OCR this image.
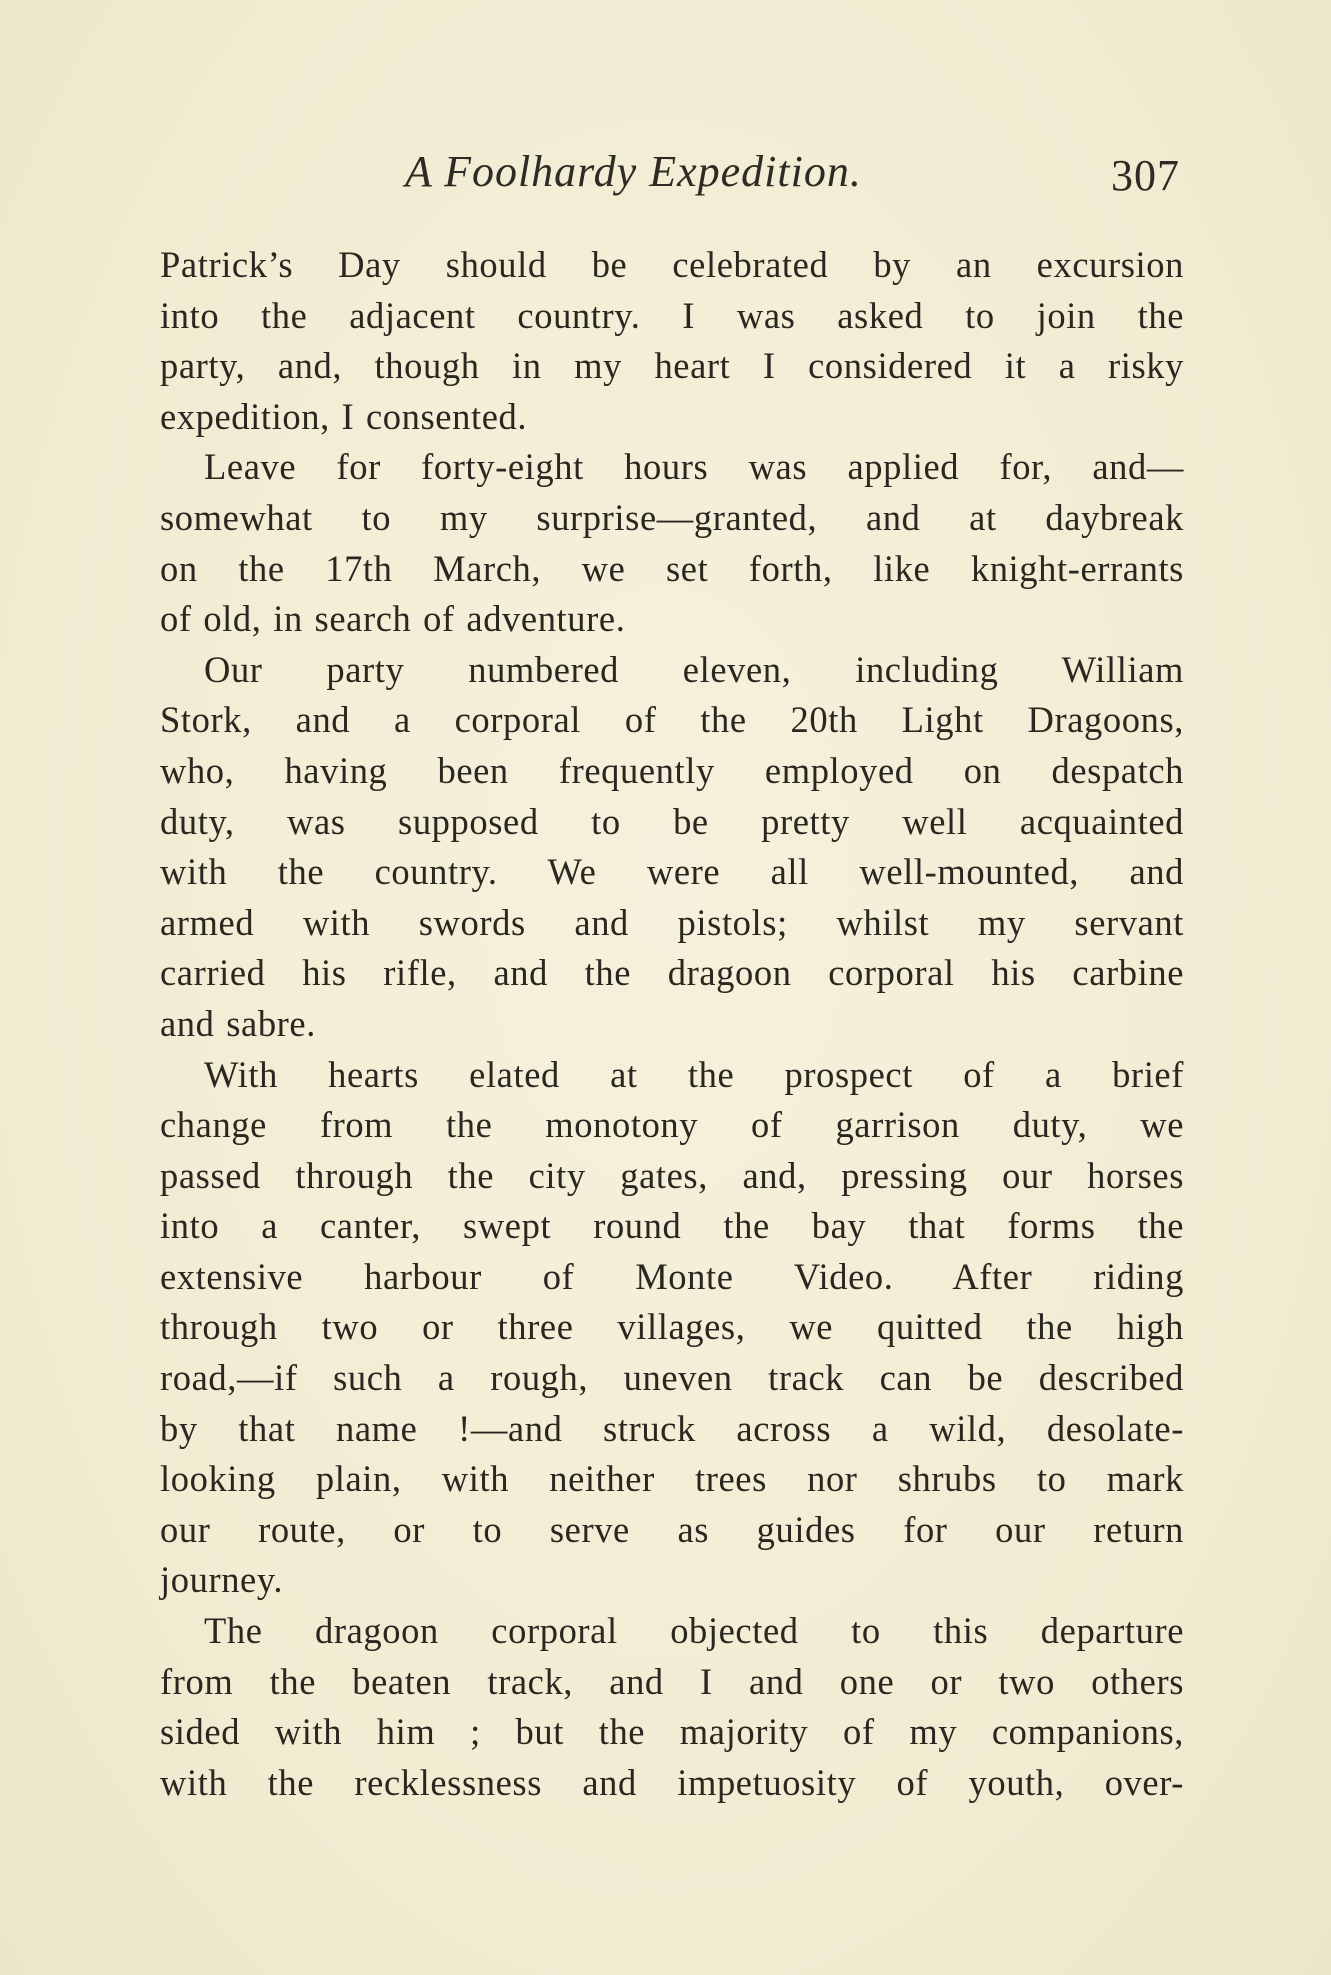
A Foolhardy Expedition.	307
Patrick’s Day should be celebrated by an excursion
into the adjacent country. I was asked to join the
party, and, though in my heart I considered it a risky
expedition, I consented.
Leave for forty-eight hours was applied for, and—
somewhat to my surprise—granted, and at daybreak
on the 17th March, we set forth, like knight-errants
of old, in search of adventure.
Our party numbered eleven, including William
Stork, and a corporal of the 20th Light Dragoons,
who, having been frequently employed on despatch
duty, was supposed to be pretty well acquainted
with the country. We were all well-mounted, and
armed with swords and pistols; whilst my servant
carried his rifle, and the dragoon corporal his carbine
and sabre.
With hearts elated at the prospect of a brief
change from the monotony of garrison duty, we
passed through the city gates, and, pressing our horses
into a canter, swept round the bay that forms the
extensive harbour of Monte Video. After riding
through two or three villages, we quitted the high
road,—if such a rough, uneven track can be described
by that name !—and struck across a wild, desolate-
looking plain, with neither trees nor shrubs to mark
our route, or to serve as guides for our return
journey.
The dragoon corporal objected to this departure
from the beaten track, and I and one or two others
sided with him ; but the majority of my companions,
with the recklessness and impetuosity of youth, over-
